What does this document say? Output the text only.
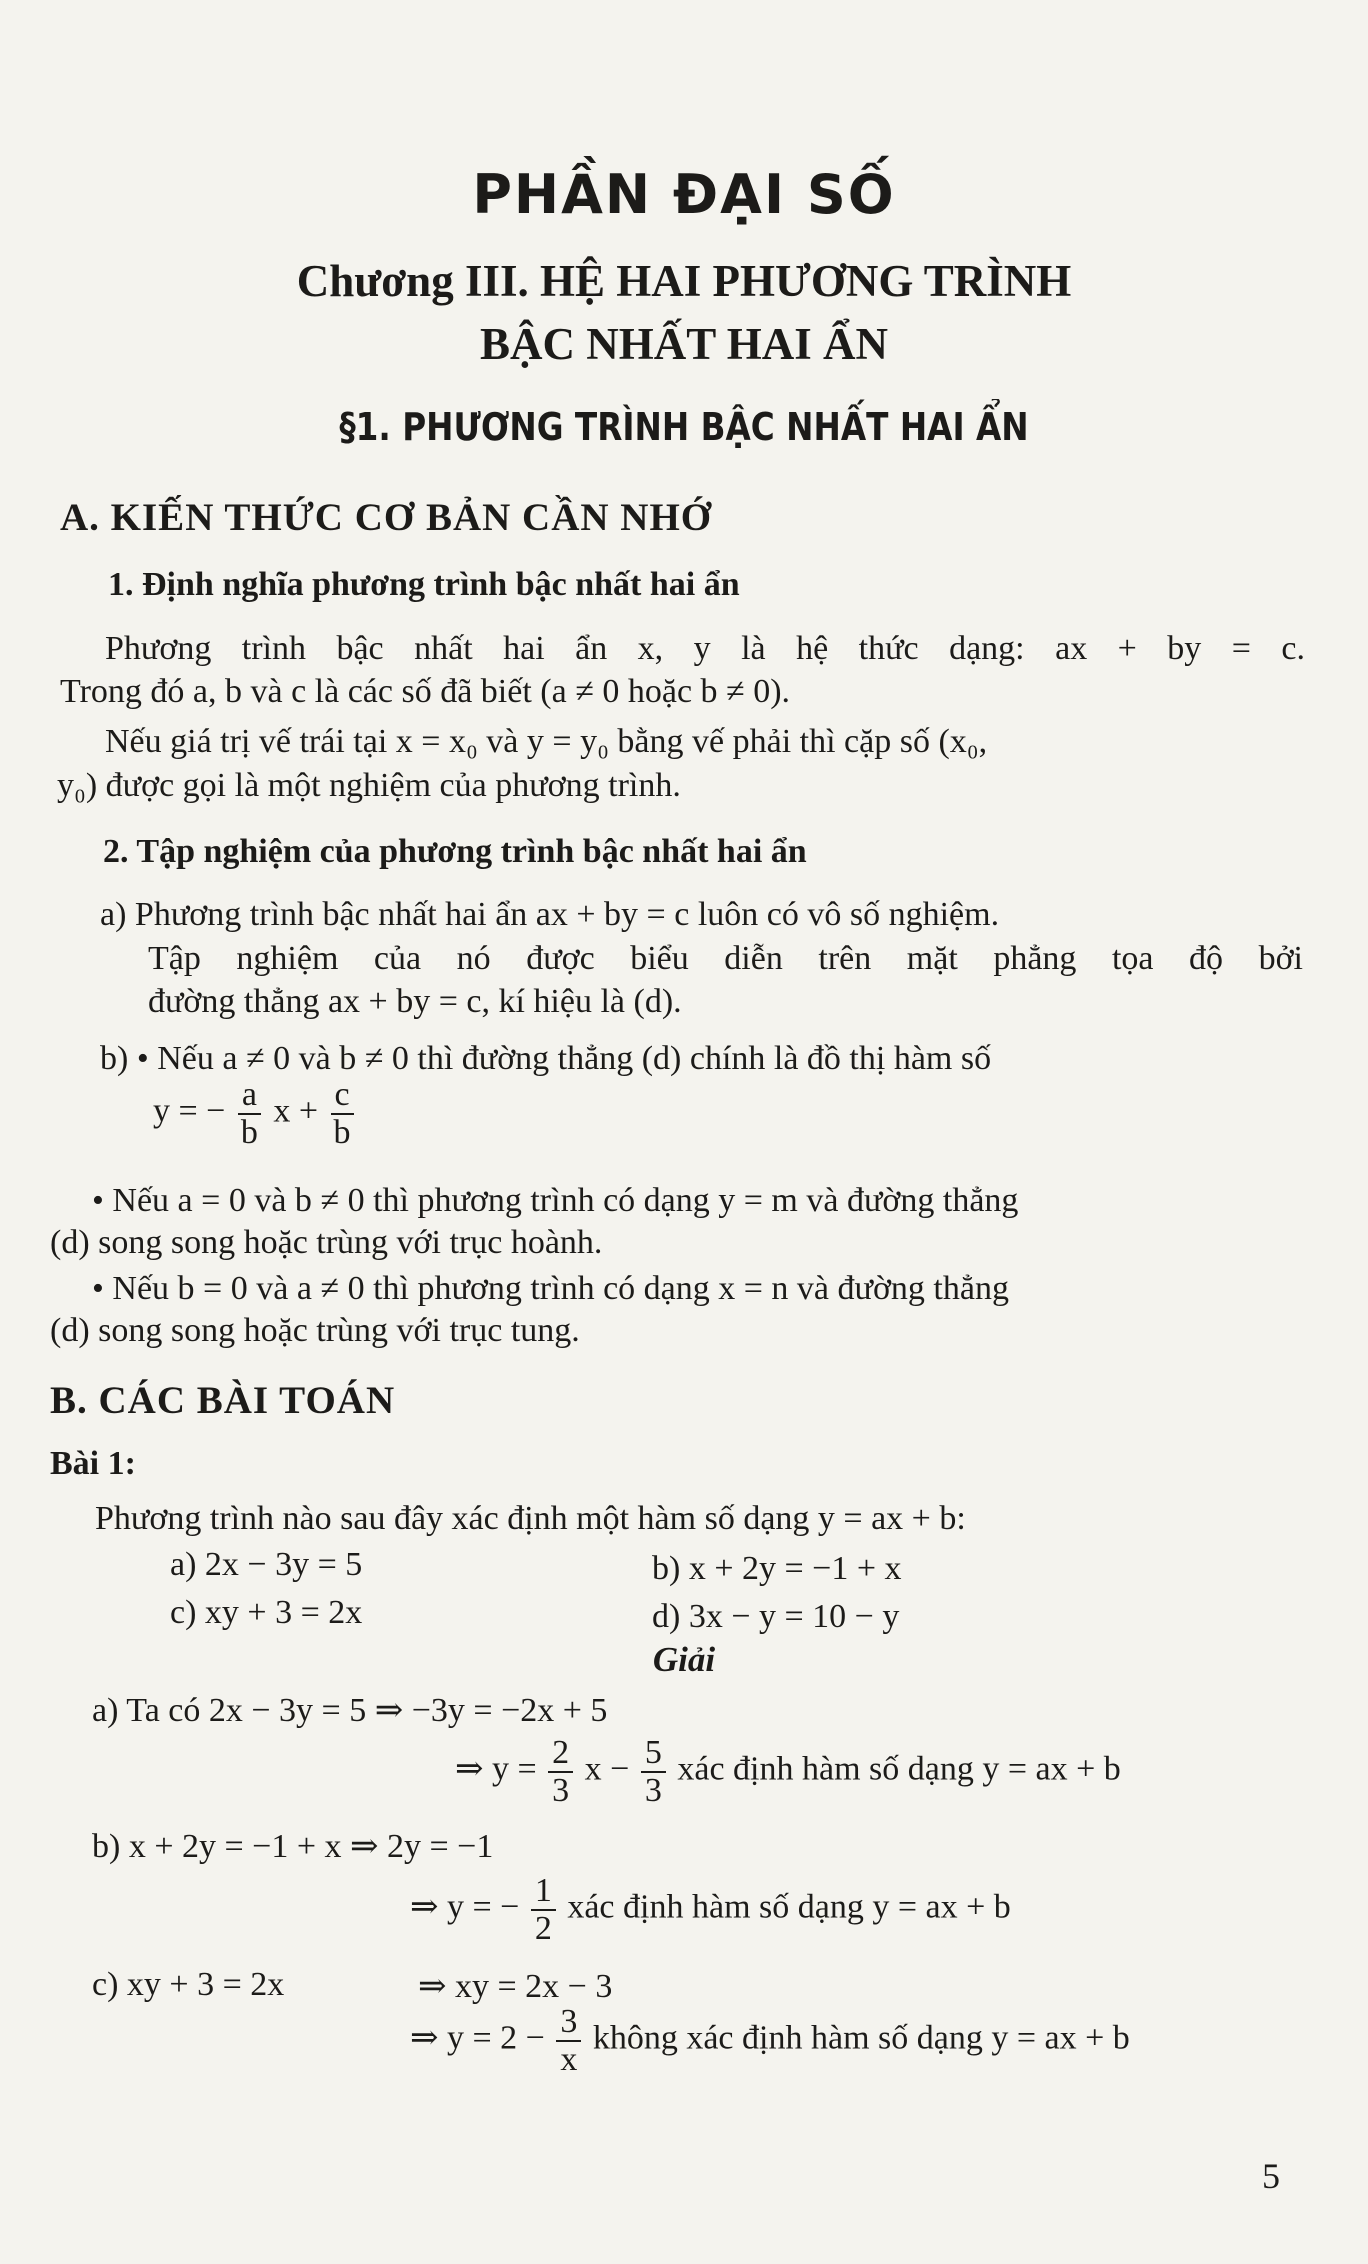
PHẦN ĐẠI SỐ
Chương III. HỆ HAI PHƯƠNG TRÌNH
BẬC NHẤT HAI ẨN
§1. PHƯƠNG TRÌNH BẬC NHẤT HAI ẨN
A. KIẾN THỨC CƠ BẢN CẦN NHỚ
1. Định nghĩa phương trình bậc nhất hai ẩn
Phương trình bậc nhất hai ẩn x, y là hệ thức dạng: ax + by = c.
Trong đó a, b và c là các số đã biết (a ≠ 0 hoặc b ≠ 0).
Nếu giá trị vế trái tại x = x₀ và y = y₀ bằng vế phải thì cặp số (x₀,
y₀) được gọi là một nghiệm của phương trình.
2. Tập nghiệm của phương trình bậc nhất hai ẩn
a) Phương trình bậc nhất hai ẩn ax + by = c luôn có vô số nghiệm.
Tập nghiệm của nó được biểu diễn trên mặt phẳng tọa độ bởi
đường thẳng ax + by = c, kí hiệu là (d).
b) • Nếu a ≠ 0 và b ≠ 0 thì đường thẳng (d) chính là đồ thị hàm số
y = − $\frac{a}{b}$ $x + \frac{c}{b}$
• Nếu a = 0 và b ≠ 0 thì phương trình có dạng y = m và đường thẳng
(d) song song hoặc trùng với trục hoành.
• Nếu b = 0 và a ≠ 0 thì phương trình có dạng x = n và đường thẳng
(d) song song hoặc trùng với trục tung.
B. CÁC BÀI TOÁN
Bài 1:
Phương trình nào sau đây xác định một hàm số dạng y = ax + b:
a) 2x − 3y = 5	b) x + 2y = −1 + x
c) xy + 3 = 2x	d) 3x − y = 10 − y
Giải
a) Ta có 2x − 3y = 5 ⇒ −3y = −2x + 5
⇒ $y = \frac{2}{3}$ $x - \frac{5}{3}$ xác định hàm số dạng y = ax + b
b) x + 2y = −1 + x ⇒ 2y = −1
⇒ y = − $\frac{1}{2}$ xác định hàm số dạng y = ax + b
c) xy + 3 = 2x	⇒ xy = 2x − 3
⇒ $y = 2 - \frac{3}{x}$ không xác định hàm số dạng y = ax + b
5
